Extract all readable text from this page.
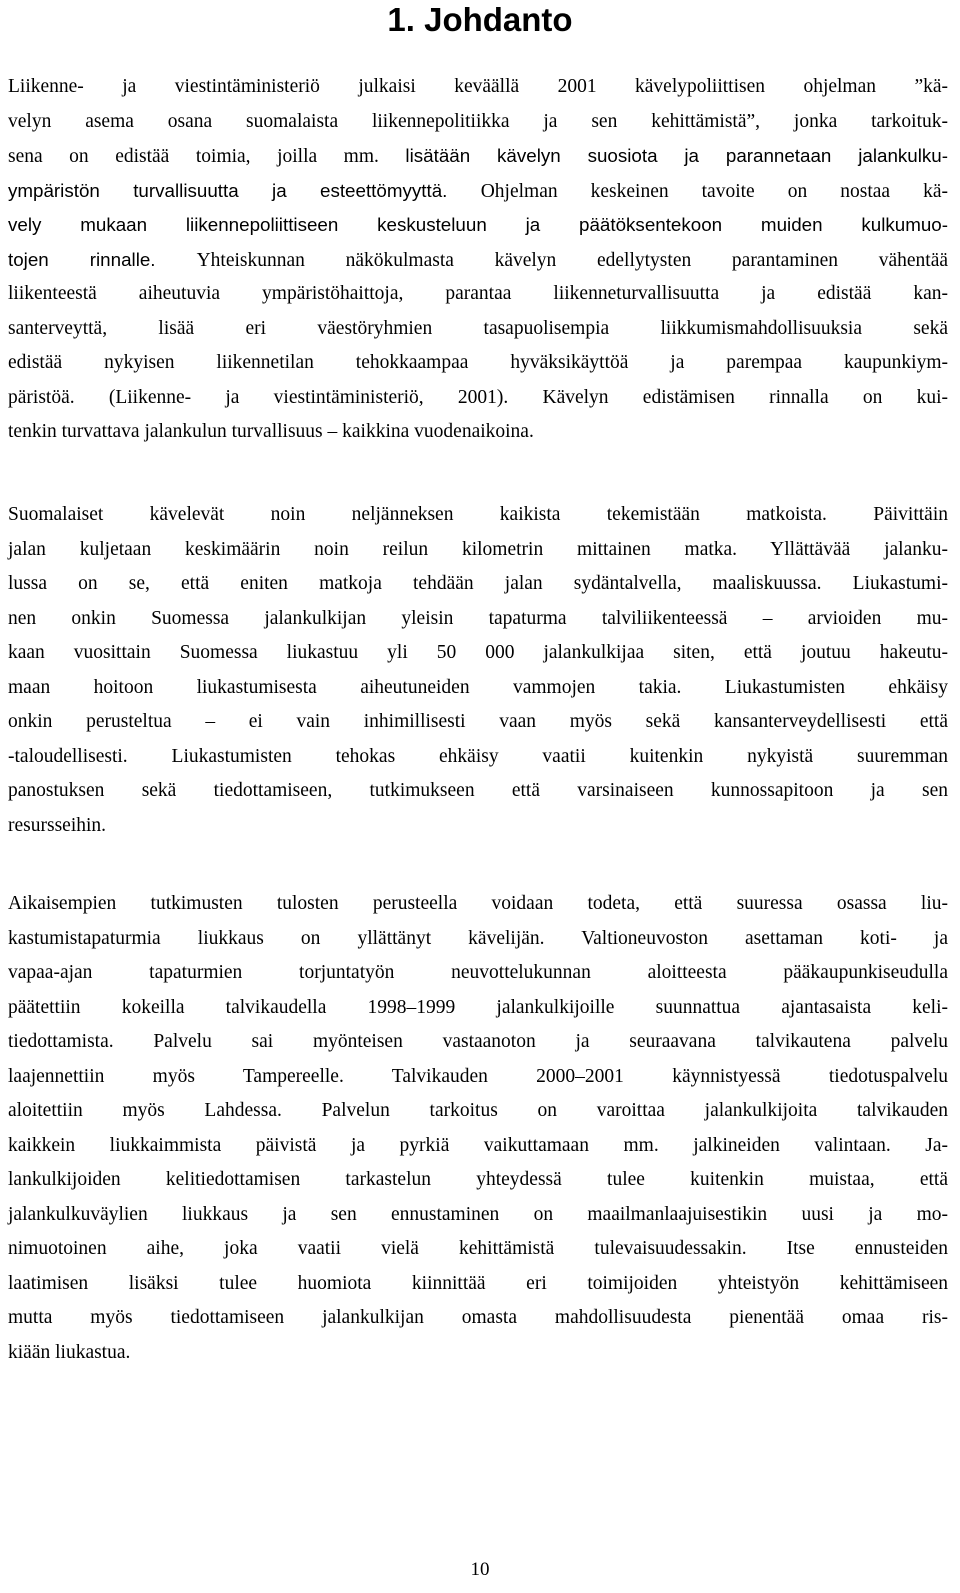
1. Johdanto
Liikenne- ja viestintäministeriö julkaisi keväällä 2001 kävelypoliittisen ohjelman ”kä-
velyn asema osana suomalaista liikennepolitiikka ja sen kehittämistä”, jonka tarkoituk-
sena on edistää toimia, joilla mm. lisätään kävelyn suosiota ja parannetaan jalankulku-
ympäristön turvallisuutta ja esteettömyyttä. Ohjelman keskeinen tavoite on nostaa kä-
vely mukaan liikennepoliittiseen keskusteluun ja päätöksentekoon muiden kulkumuo-
tojen rinnalle. Yhteiskunnan näkökulmasta kävelyn edellytysten parantaminen vähentää
liikenteestä aiheutuvia ympäristöhaittoja, parantaa liikenneturvallisuutta ja edistää kan-
santerveyttä, lisää eri väestöryhmien tasapuolisempia liikkumismahdollisuuksia sekä
edistää nykyisen liikennetilan tehokkaampaa hyväksikäyttöä ja parempaa kaupunkiym-
päristöä. (Liikenne- ja viestintäministeriö, 2001). Kävelyn edistämisen rinnalla on kui-
tenkin turvattava jalankulun turvallisuus – kaikkina vuodenaikoina.
Suomalaiset kävelevät noin neljänneksen kaikista tekemistään matkoista. Päivittäin
jalan kuljetaan keskimäärin noin reilun kilometrin mittainen matka. Yllättävää jalanku-
lussa on se, että eniten matkoja tehdään jalan sydäntalvella, maaliskuussa. Liukastumi-
nen onkin Suomessa jalankulkijan yleisin tapaturma talviliikenteessä – arvioiden mu-
kaan vuosittain Suomessa liukastuu yli 50 000 jalankulkijaa siten, että joutuu hakeutu-
maan hoitoon liukastumisesta aiheutuneiden vammojen takia. Liukastumisten ehkäisy
onkin perusteltua – ei vain inhimillisesti vaan myös sekä kansanterveydellisesti että
-taloudellisesti. Liukastumisten tehokas ehkäisy vaatii kuitenkin nykyistä suuremman
panostuksen sekä tiedottamiseen, tutkimukseen että varsinaiseen kunnossapitoon ja sen
resursseihin.
Aikaisempien tutkimusten tulosten perusteella voidaan todeta, että suuressa osassa liu-
kastumistapaturmia liukkaus on yllättänyt kävelijän. Valtioneuvoston asettaman koti- ja
vapaa-ajan tapaturmien torjuntatyön neuvottelukunnan aloitteesta pääkaupunkiseudulla
päätettiin kokeilla talvikaudella 1998–1999 jalankulkijoille suunnattua ajantasaista keli-
tiedottamista. Palvelu sai myönteisen vastaanoton ja seuraavana talvikautena palvelu
laajennettiin myös Tampereelle. Talvikauden 2000–2001 käynnistyessä tiedotuspalvelu
aloitettiin myös Lahdessa. Palvelun tarkoitus on varoittaa jalankulkijoita talvikauden
kaikkein liukkaimmista päivistä ja pyrkiä vaikuttamaan mm. jalkineiden valintaan. Ja-
lankulkijoiden kelitiedottamisen tarkastelun yhteydessä tulee kuitenkin muistaa, että
jalankulkuväylien liukkaus ja sen ennustaminen on maailmanlaajuisestikin uusi ja mo-
nimuotoinen aihe, joka vaatii vielä kehittämistä tulevaisuudessakin. Itse ennusteiden
laatimisen lisäksi tulee huomiota kiinnittää eri toimijoiden yhteistyön kehittämiseen
mutta myös tiedottamiseen jalankulkijan omasta mahdollisuudesta pienentää omaa ris-
kiään liukastua.
10
